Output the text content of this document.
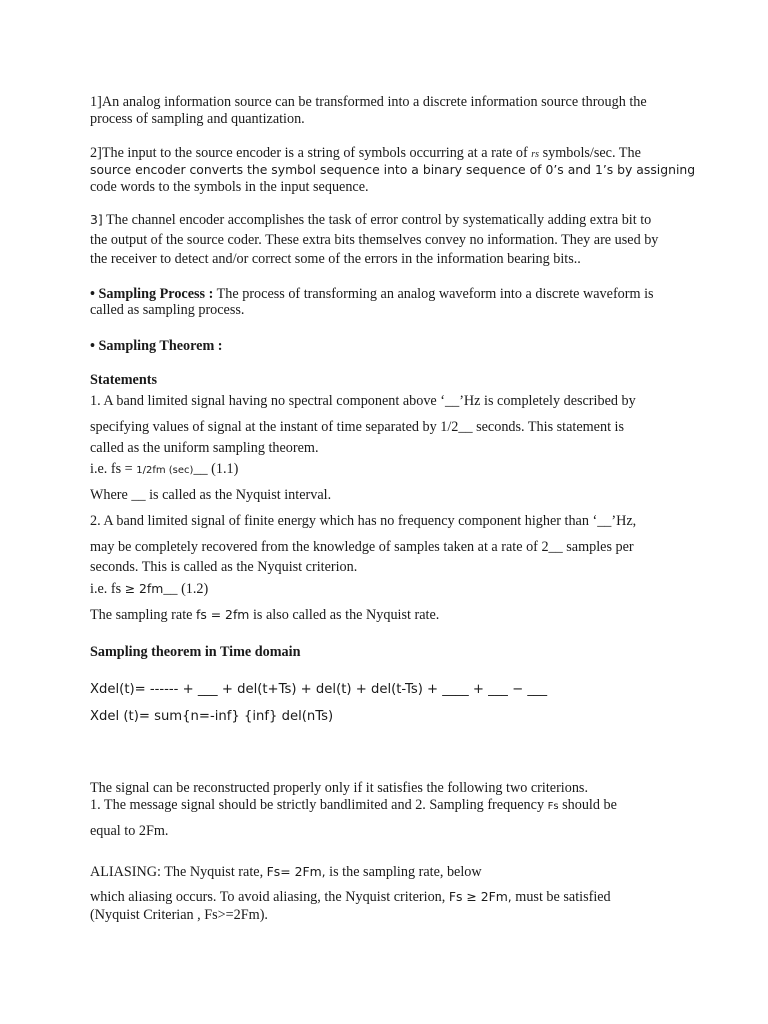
1]An analog information source can be transformed into a discrete information source through the
process of sampling and quantization.
2]The input to the source encoder is a string of symbols occurring at a rate of rs symbols/sec. The
source encoder converts the symbol sequence into a binary sequence of 0’s and 1’s by assigning
code words to the symbols in the input sequence.
3] The channel encoder accomplishes the task of error control by systematically adding extra bit to
the output of the source coder. These extra bits themselves convey no information. They are used by
the receiver to detect and/or correct some of the errors in the information bearing bits..
• Sampling Process : The process of transforming an analog waveform into a discrete waveform is
called as sampling process.
• Sampling Theorem :
Statements
1. A band limited signal having no spectral component above ‘__’Hz is completely described by
specifying values of signal at the instant of time separated by 1/2__ seconds. This statement is
called as the uniform sampling theorem.
i.e. fs = 1/2fm (sec)__ (1.1)
Where __ is called as the Nyquist interval.
2. A band limited signal of finite energy which has no frequency component higher than ‘__’Hz,
may be completely recovered from the knowledge of samples taken at a rate of 2__ samples per
seconds. This is called as the Nyquist criterion.
i.e. fs ≥ 2fm__ (1.2)
The sampling rate fs = 2fm is also called as the Nyquist rate.
Sampling theorem in Time domain
Xdel(t)= ------ + ___ + del(t+Ts) + del(t) + del(t-Ts) + ____ + ___ − ___
Xdel (t)= sum{n=-inf} {inf} del(nTs)
The signal can be reconstructed properly only if it satisfies the following two criterions.
1. The message signal should be strictly bandlimited and 2. Sampling frequency Fs should be
equal to 2Fm.
ALIASING: The Nyquist rate, Fs= 2Fm, is the sampling rate, below
which aliasing occurs. To avoid aliasing, the Nyquist criterion, Fs ≥ 2Fm, must be satisfied
(Nyquist Criterian , Fs>=2Fm).
